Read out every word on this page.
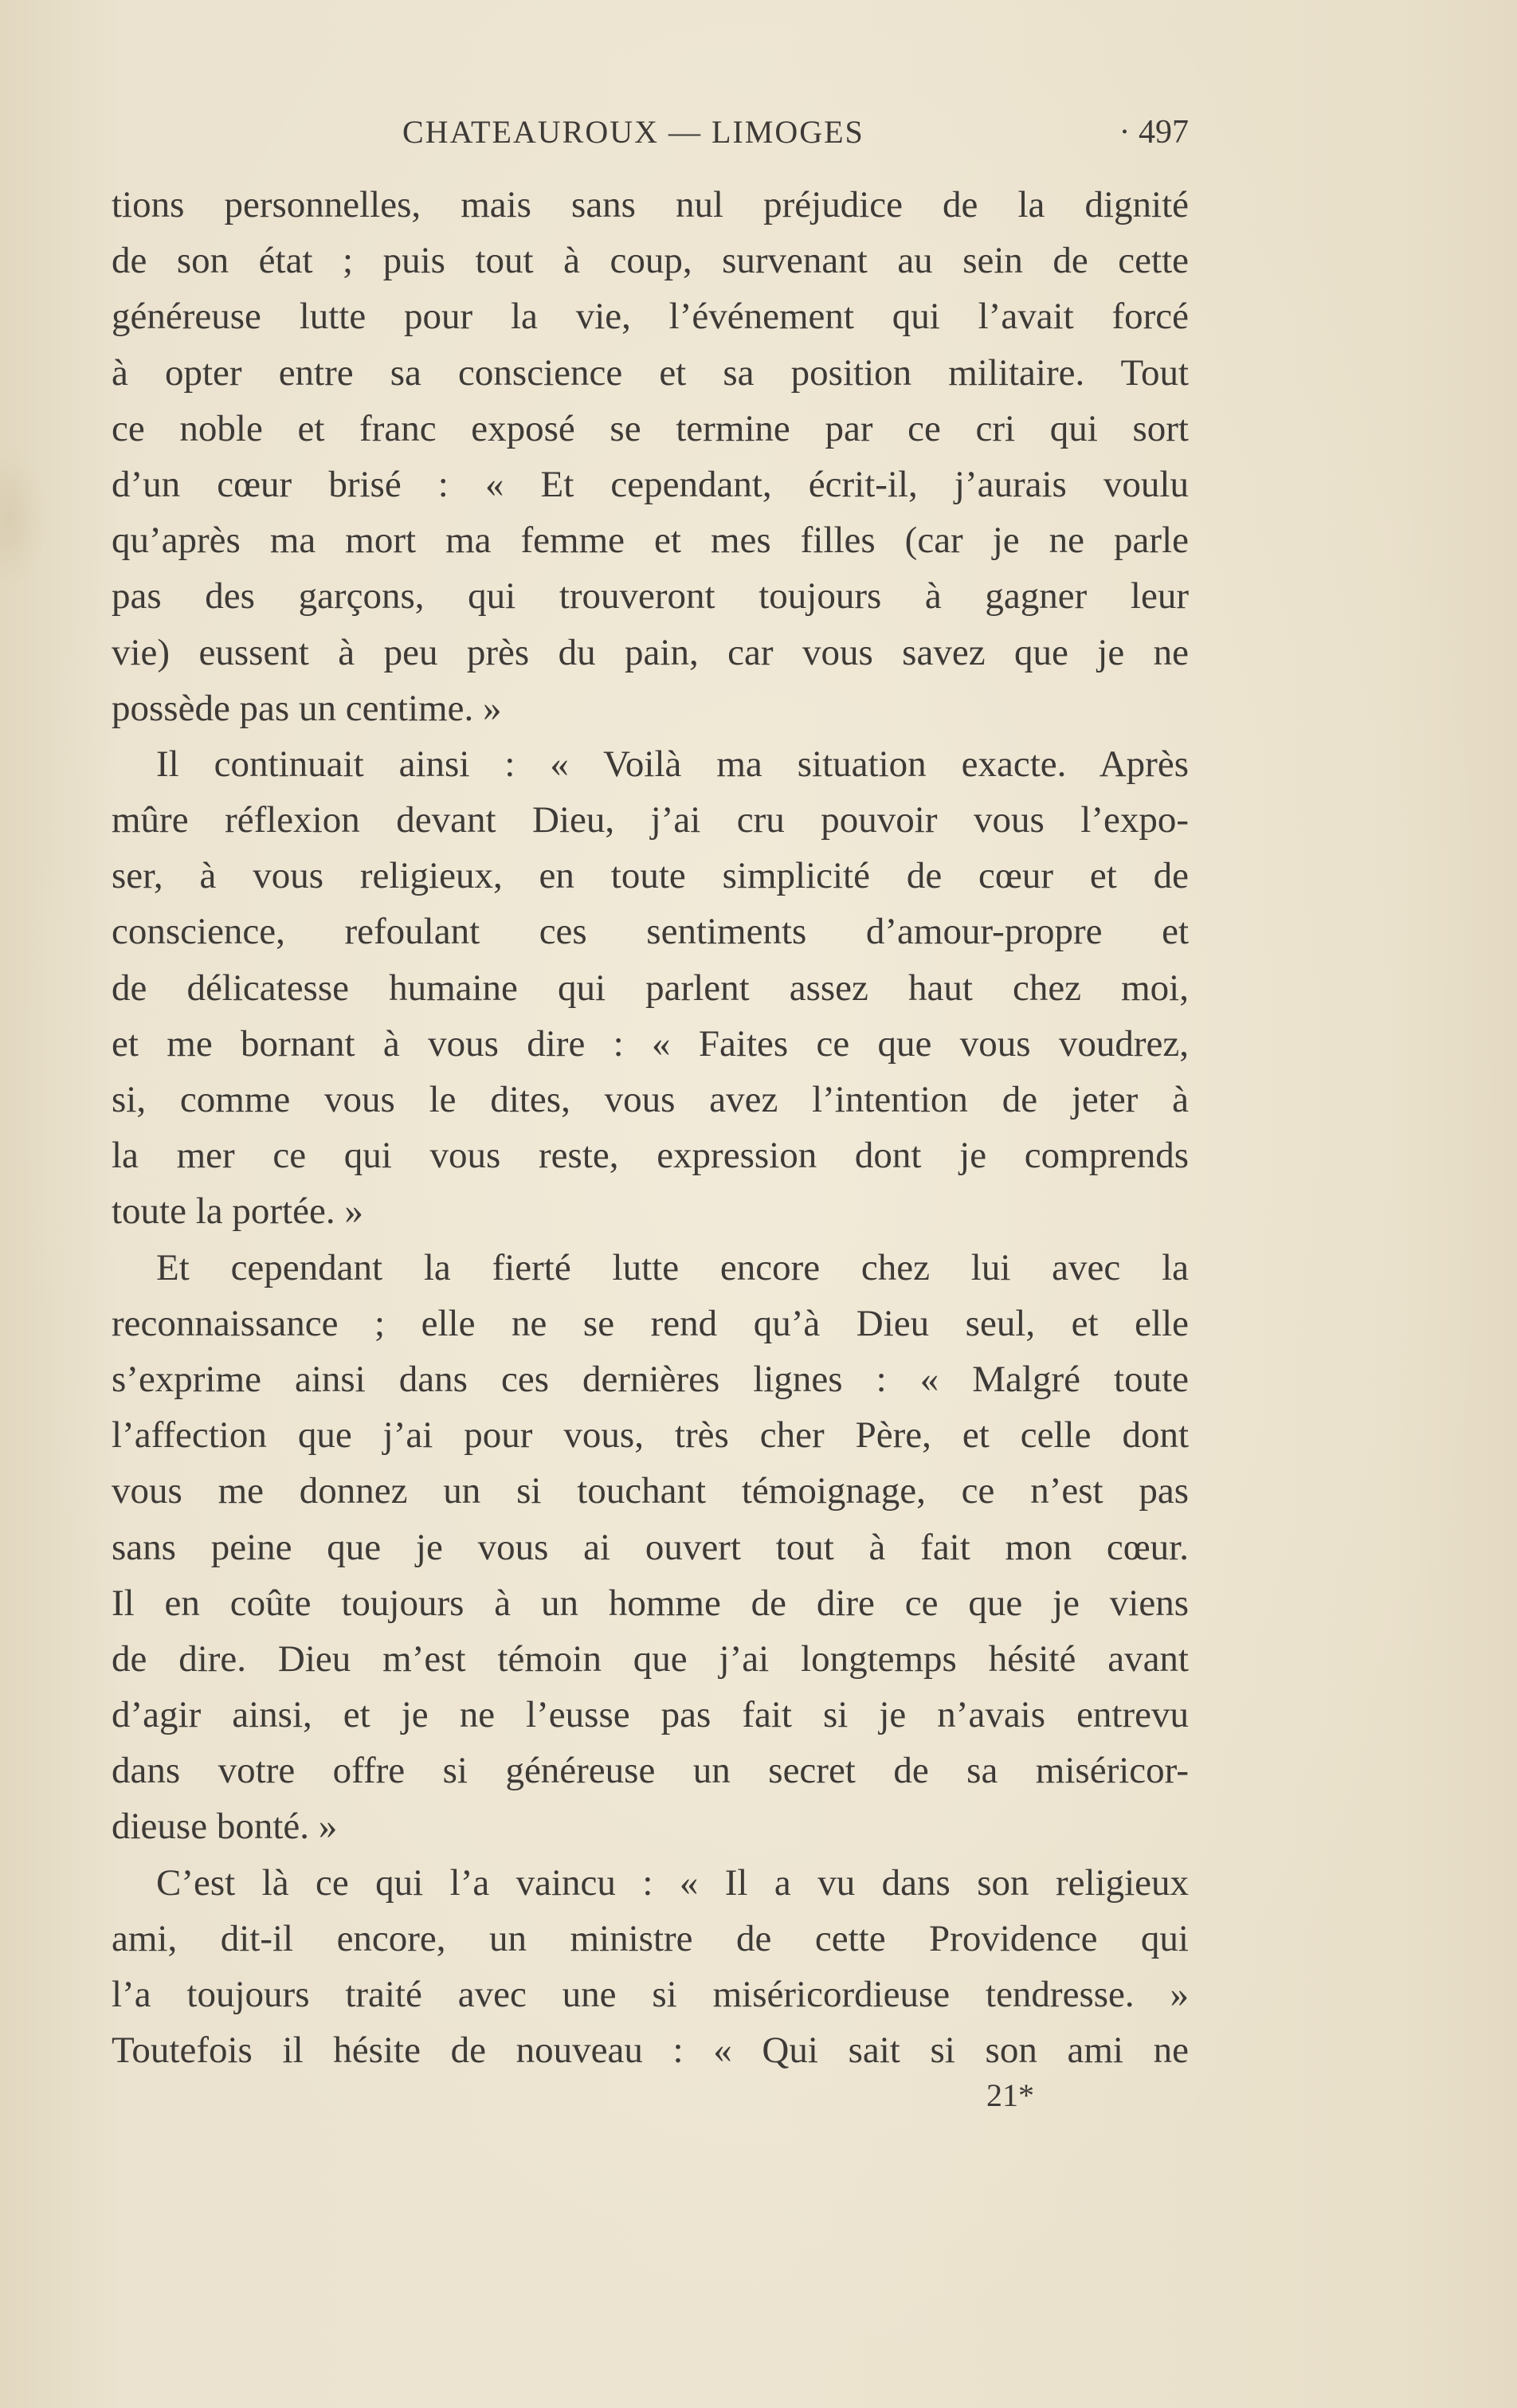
CHATEAUROUX — LIMOGES	· 497
tions personnelles, mais sans nul préjudice de la dignité
de son état ; puis tout à coup, survenant au sein de cette
généreuse lutte pour la vie, l’événement qui l’avait forcé
à opter entre sa conscience et sa position militaire. Tout
ce noble et franc exposé se termine par ce cri qui sort
d’un cœur brisé : « Et cependant, écrit-il, j’aurais voulu
qu’après ma mort ma femme et mes filles (car je ne parle
pas des garçons, qui trouveront toujours à gagner leur
vie) eussent à peu près du pain, car vous savez que je ne
possède pas un centime. »
Il continuait ainsi : « Voilà ma situation exacte. Après
mûre réflexion devant Dieu, j’ai cru pouvoir vous l’expo-
ser, à vous religieux, en toute simplicité de cœur et de
conscience, refoulant ces sentiments d’amour-propre et
de délicatesse humaine qui parlent assez haut chez moi,
et me bornant à vous dire : « Faites ce que vous voudrez,
si, comme vous le dites, vous avez l’intention de jeter à
la mer ce qui vous reste, expression dont je comprends
toute la portée. »
Et cependant la fierté lutte encore chez lui avec la
reconnaissance ; elle ne se rend qu’à Dieu seul, et elle
s’exprime ainsi dans ces dernières lignes : « Malgré toute
l’affection que j’ai pour vous, très cher Père, et celle dont
vous me donnez un si touchant témoignage, ce n’est pas
sans peine que je vous ai ouvert tout à fait mon cœur.
Il en coûte toujours à un homme de dire ce que je viens
de dire. Dieu m’est témoin que j’ai longtemps hésité avant
d’agir ainsi, et je ne l’eusse pas fait si je n’avais entrevu
dans votre offre si généreuse un secret de sa miséricor-
dieuse bonté. »
C’est là ce qui l’a vaincu : « Il a vu dans son religieux
ami, dit-il encore, un ministre de cette Providence qui
l’a toujours traité avec une si miséricordieuse tendresse. »
Toutefois il hésite de nouveau : « Qui sait si son ami ne
21*
